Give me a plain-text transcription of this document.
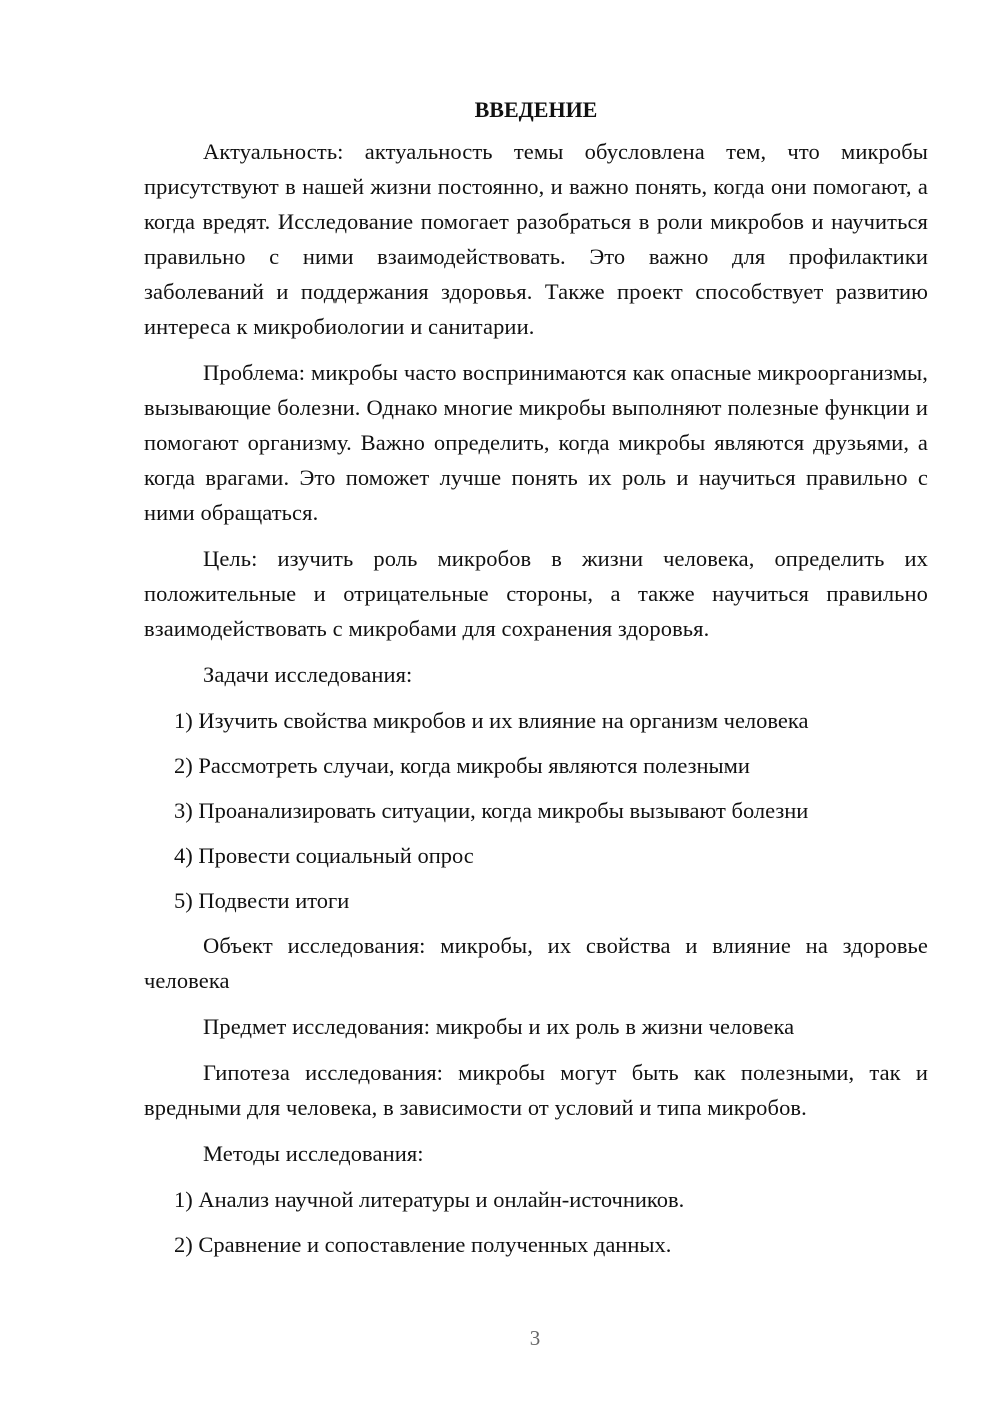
ВВЕДЕНИЕ

Актуальность: актуальность темы обусловлена тем, что микробы присутствуют в нашей жизни постоянно, и важно понять, когда они помогают, а когда вредят. Исследование помогает разобраться в роли микробов и научиться правильно с ними взаимодействовать. Это важно для профилактики заболеваний и поддержания здоровья. Также проект способствует развитию интереса к микробиологии и санитарии.

Проблема: микробы часто воспринимаются как опасные микроорганизмы, вызывающие болезни. Однако многие микробы выполняют полезные функции и помогают организму. Важно определить, когда микробы являются друзьями, а когда врагами. Это поможет лучше понять их роль и научиться правильно с ними обращаться.

Цель: изучить роль микробов в жизни человека, определить их положительные и отрицательные стороны, а также научиться правильно взаимодействовать с микробами для сохранения здоровья.

Задачи исследования:

1) Изучить свойства микробов и их влияние на организм человека
2) Рассмотреть случаи, когда микробы являются полезными
3) Проанализировать ситуации, когда микробы вызывают болезни
4) Провести социальный опрос
5) Подвести итоги

Объект исследования: микробы, их свойства и влияние на здоровье человека

Предмет исследования: микробы и их роль в жизни человека

Гипотеза исследования: микробы могут быть как полезными, так и вредными для человека, в зависимости от условий и типа микробов.

Методы исследования:

1) Анализ научной литературы и онлайн-источников.
2) Сравнение и сопоставление полученных данных.
3
